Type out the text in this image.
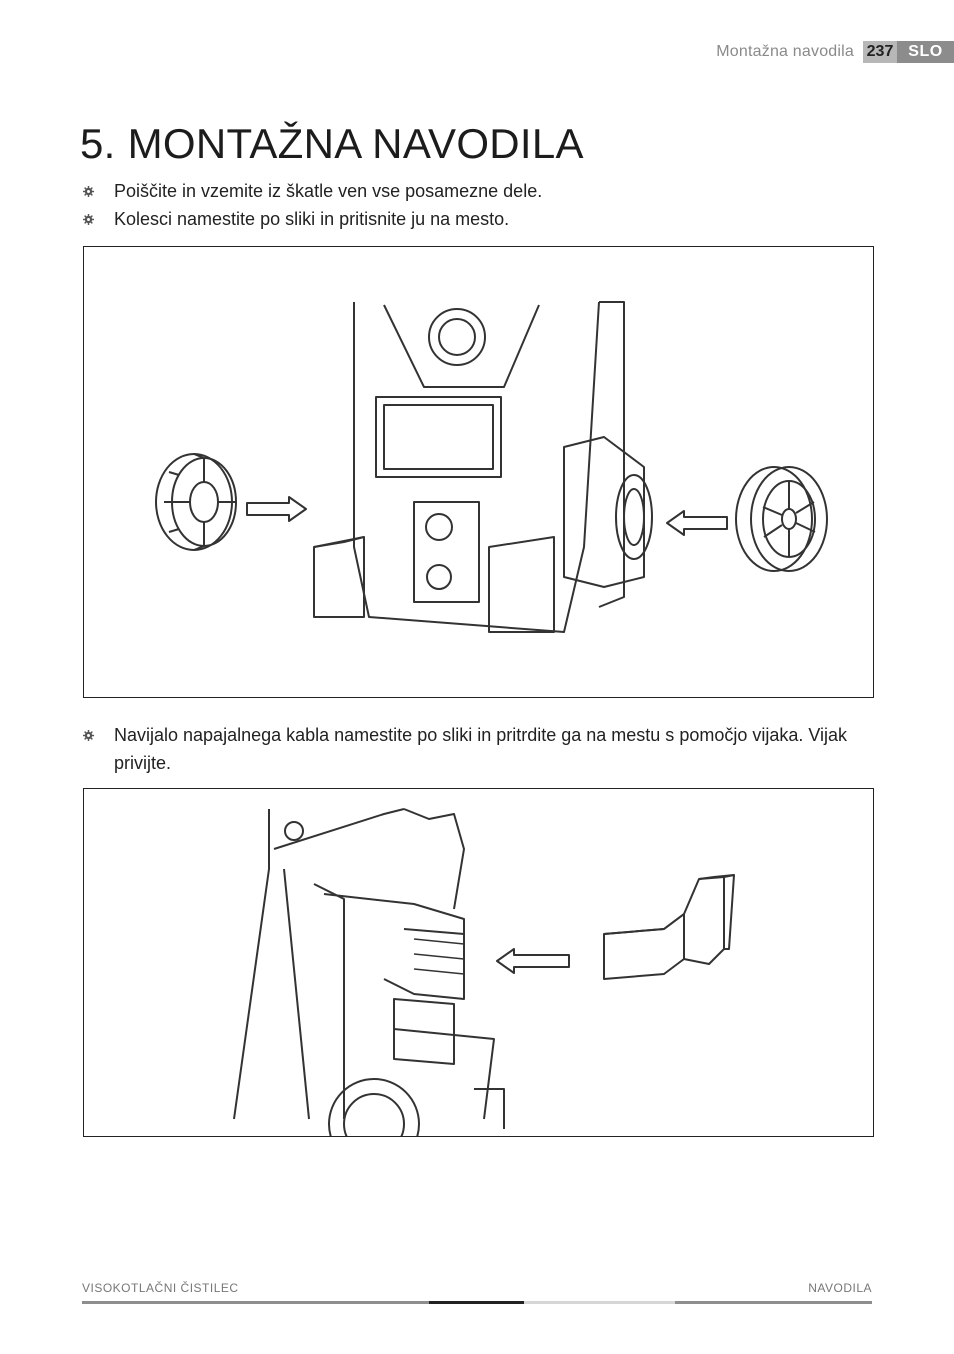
Montažna navodila 237 SLO
5. MONTAŽNA NAVODILA
Poiščite in vzemite iz škatle ven vse posamezne dele.
Kolesci namestite po sliki in pritisnite ju na mesto.
Navijalo napajalnega kabla namestite po sliki in pritrdite ga na mestu s pomočjo vijaka. Vijak privijte.
VISOKOTLAČNI ČISTILEC	NAVODILA
